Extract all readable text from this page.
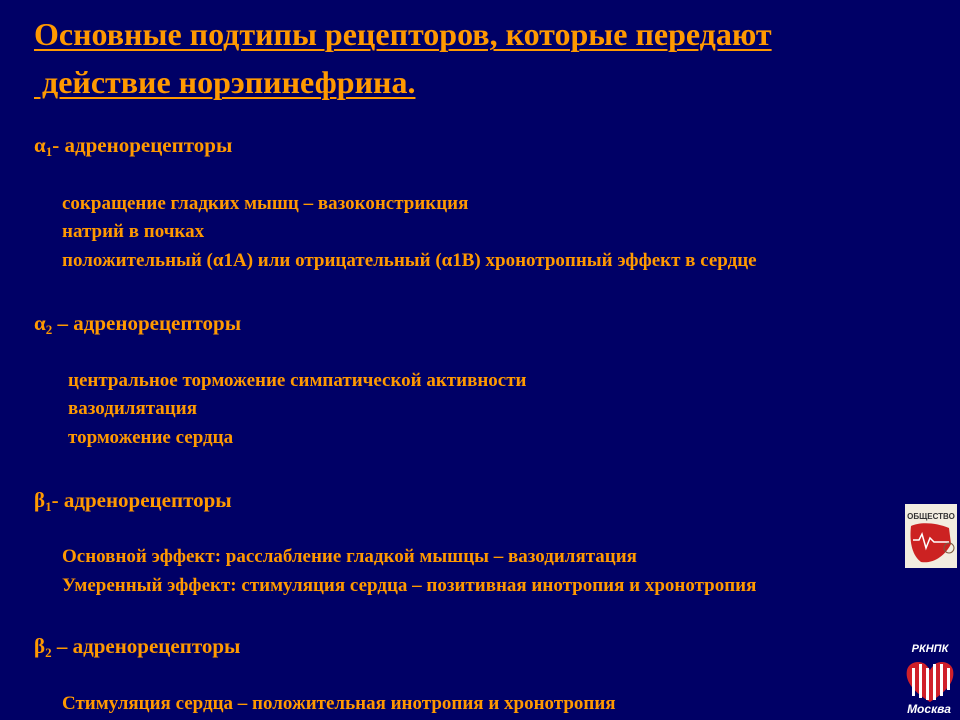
Основные подтипы рецепторов, которые передают
действие норэпинефрина.
$\alpha_1-$ адренорецепторы
сокращение гладких мышц – вазоконстрикция
натрий в почках
положительный (α1А) или отрицательный (α1В) хронотропный эффект в сердце
$\alpha_2$ – адренорецепторы
центральное торможение симпатической активности
вазодилятация
торможение сердца
$\beta_1-$ адренорецепторы
Основной эффект: расслабление гладкой мышцы – вазодилятация
Умеренный эффект: стимуляция сердца – позитивная инотропия и хронотропия
$\beta_2$ – адренорецепторы
Стимуляция сердца – положительная инотропия и хронотропия
ОБЩЕСТВО
РКНПК
Москва
